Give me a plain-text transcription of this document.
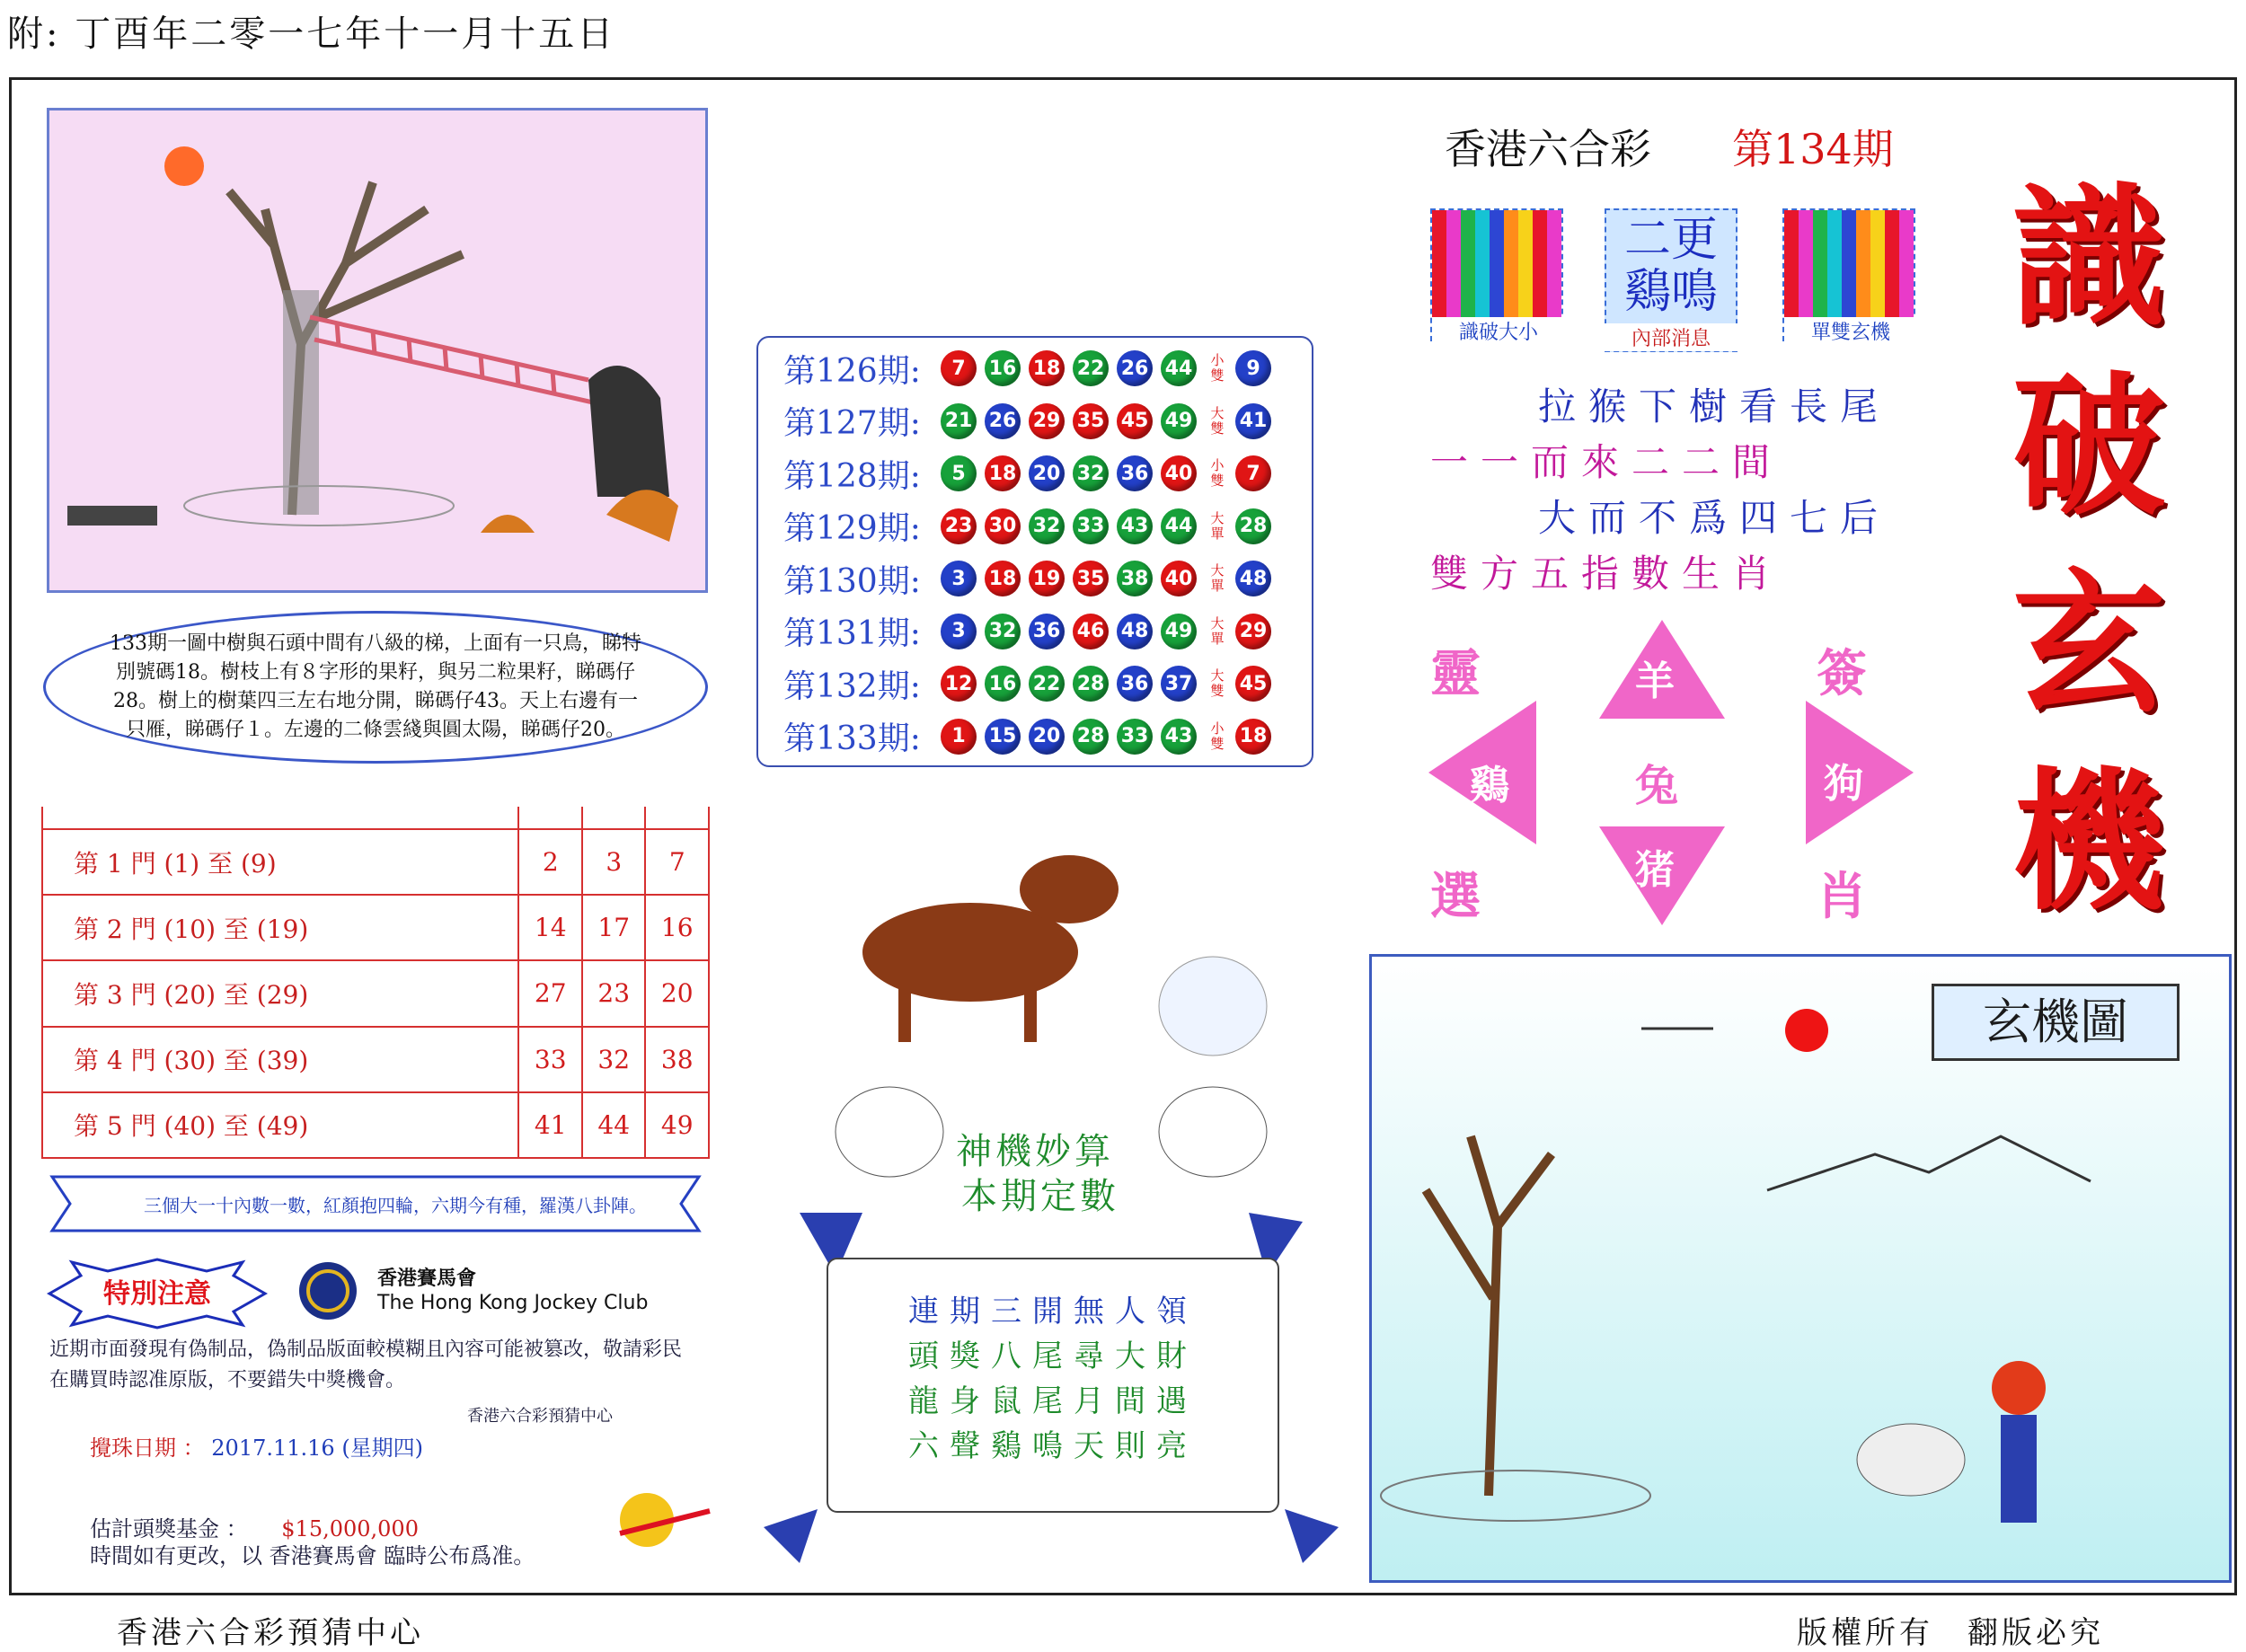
附: 丁酉年二零一七年十一月十五日
133期一圖中樹與石頭中間有八級的梯，上面有一只鳥，睇特別號碼18。樹枝上有８字形的果籽，與另二粒果籽，睇碼仔28。樹上的樹葉四三左右地分開，睇碼仔43。天上右邊有一只雁，睇碼仔１。左邊的二條雲綫與圓太陽，睇碼仔20。
第126期:	7	16 18 22 26 44	小雙	9
第127期:	21 26 29 35 45 49	大雙 41
第128期:	5	18 20 32 36 40	小雙	7
第129期:	23 30 32 33 43 44	大單 28
第130期:	3	18 19 35 38 40	大單 48
第131期:	3	32 36 46 48 49	大單 29
第132期:	12 16 22 28 36 37	大雙 45
第133期:	1	15 20 28 33 43	小雙 18

第 1 門 (1) 至 (9)	2	3	7
第 2 門 (10) 至 (19)	14	17	16
第 3 門 (20) 至 (29)	27	23	20
第 4 門 (30) 至 (39)	33	32	38
第 5 門 (40) 至 (49)	41	44	49
三個大一十內數一數，紅顏抱四輪，六期今有種，羅漢八卦陣。
特別注意	香港賽馬會
The Hong Kong Jockey Club
近期市面發現有偽制品，偽制品版面較模糊且內容可能被篡改，敬請彩民在購買時認准原版，不要錯失中獎機會。
香港六合彩預猜中心
攪珠日期 ： 2017.11.16 (星期四)
估計頭獎基金 ： $15,000,000
時間如有更改，以 香港賽馬會 臨時公布爲准。
神機妙算
本期定數
連期三開無人領
頭獎八尾尋大財
龍身鼠尾月間遇
六聲鷄鳴天則亮
香港六合彩 第134期
識破大小
二更鷄鳴
內部消息	單雙玄機
拉猴下樹看長尾
一一而來二二間
大而不爲四七后
雙方五指數生肖
羊
猪
鷄	狗
兔
靈	簽
選	肖
識
破
玄
機
玄機圖
香港六合彩預猜中心	版權所有　翻版必究
